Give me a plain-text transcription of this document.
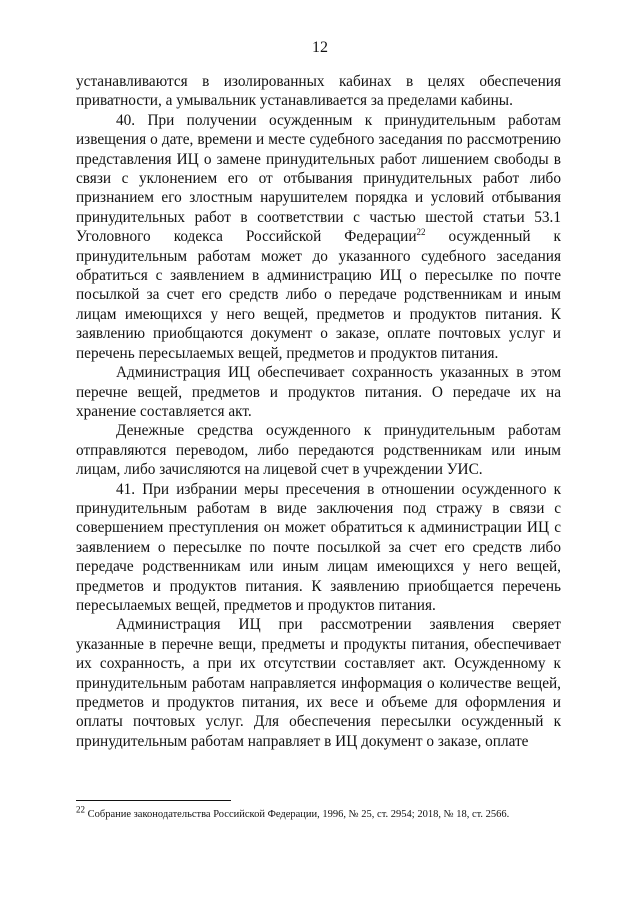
12

устанавливаются в изолированных кабинах в целях обеспечения приватности, а умывальник устанавливается за пределами кабины.

40. При получении осужденным к принудительным работам извещения о дате, времени и месте судебного заседания по рассмотрению представления ИЦ о замене принудительных работ лишением свободы в связи с уклонением его от отбывания принудительных работ либо признанием его злостным нарушителем порядка и условий отбывания принудительных работ в соответствии с частью шестой статьи 53.1 Уголовного кодекса Российской Федерации$^{22}$ осужденный к принудительным работам может до указанного судебного заседания обратиться с заявлением в администрацию ИЦ о пересылке по почте посылкой за счет его средств либо о передаче родственникам и иным лицам имеющихся у него вещей, предметов и продуктов питания. К заявлению приобщаются документ о заказе, оплате почтовых услуг и перечень пересылаемых вещей, предметов и продуктов питания.

Администрация ИЦ обеспечивает сохранность указанных в этом перечне вещей, предметов и продуктов питания. О передаче их на хранение составляется акт.

Денежные средства осужденного к принудительным работам отправляются переводом, либо передаются родственникам или иным лицам, либо зачисляются на лицевой счет в учреждении УИС.

41. При избрании меры пресечения в отношении осужденного к принудительным работам в виде заключения под стражу в связи с совершением преступления он может обратиться к администрации ИЦ с заявлением о пересылке по почте посылкой за счет его средств либо передаче родственникам или иным лицам имеющихся у него вещей, предметов и продуктов питания. К заявлению приобщается перечень пересылаемых вещей, предметов и продуктов питания.

Администрация ИЦ при рассмотрении заявления сверяет указанные в перечне вещи, предметы и продукты питания, обеспечивает их сохранность, а при их отсутствии составляет акт. Осужденному к принудительным работам направляется информация о количестве вещей, предметов и продуктов питания, их весе и объеме для оформления и оплаты почтовых услуг. Для обеспечения пересылки осужденный к принудительным работам направляет в ИЦ документ о заказе, оплате

$^{22}$ Собрание законодательства Российской Федерации, 1996, № 25, ст. 2954; 2018, № 18, ст. 2566.
